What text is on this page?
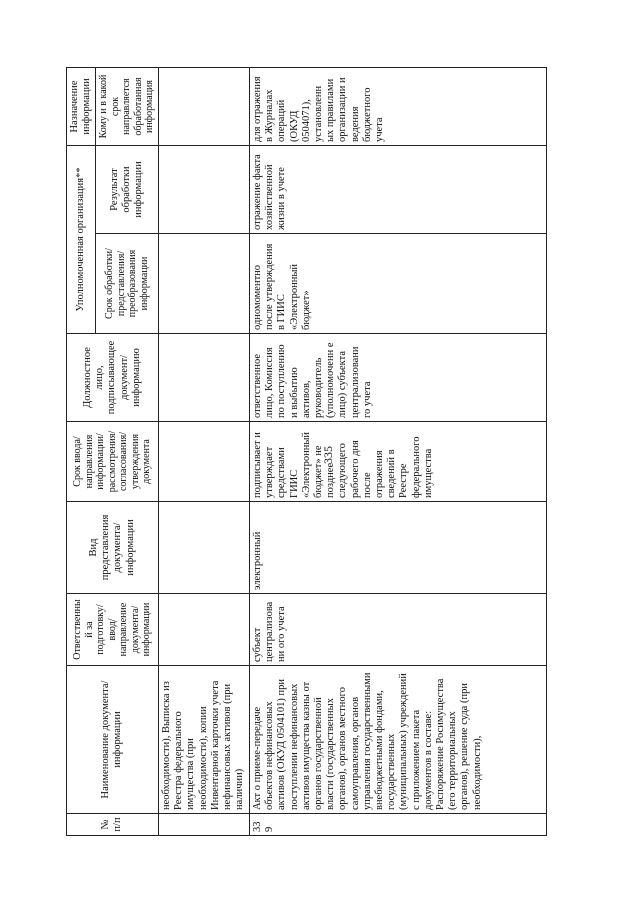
335
№ п/п	Наименование документа/информации	Ответственный за подготовку/ ввод/ направление документа/ информации	Вид представления документа/ информации	Срок ввода/ направления информации/ рассмотрения/ согласования/ утверждения документа	Должностное лицо, подписывающее документ/ информацию	Уполномоченная организация**		Назначение информации
						Срок обработки/ представления/ преобразования информации	Результат обработки информации	Кому и в какой срок направляется обработанная информация
	необходимости), Выписка из Реестра федерального имущества (при необходимости), копии Инвентарной карточки учета нефинансовых активов (при наличии)							
339	Акт о приеме-передаче объектов нефинансовых активов (ОКУД 0504101) при поступлении нефинансовых активов имущества казны от органов государственной власти (государственных органов), органов местного самоуправления, органов управления государственными внебюджетными фондами, государственных (муниципальных) учреждений с приложением пакета документов в составе: Распоряжение Росимущества (его территориальных органов), решение суда (при необходимости),	субъект централизовани ого учета	электронный	подписывает и утверждает средствами ГИИС «Электронный бюджет» не позднее следующего рабочего дня после отражения сведений в Реестре федерального имущества	ответственное лицо, Комиссия по поступлению и выбытию активов, руководитель (уполномоченн е лицо) субъекта централизовани го учета	одномоментно после утверждения в ГИИС «Электронный бюджет»	отражение факта хозяйственной жизни в учете	для отражения в Журналах операций (ОКУД 0504071), установленн ых правилами организации и ведения бюджетного учета
